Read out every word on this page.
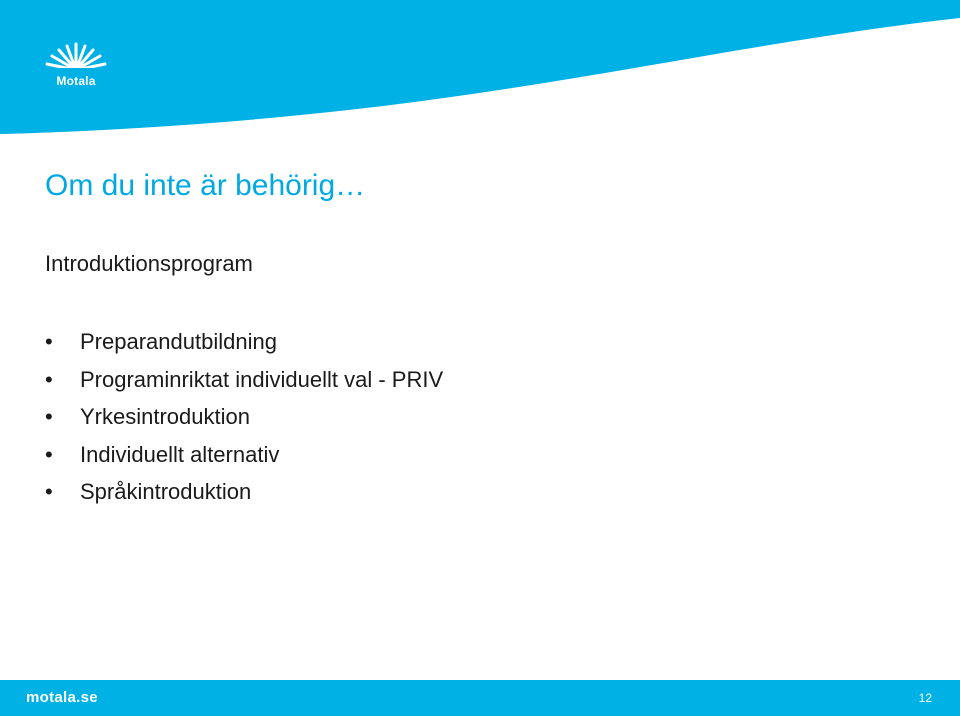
Motala
Om du inte är behörig…
Introduktionsprogram
• Preparandutbildning
• Programinriktat individuellt val - PRIV
• Yrkesintroduktion
• Individuellt alternativ
• Språkintroduktion
motala.se	12
